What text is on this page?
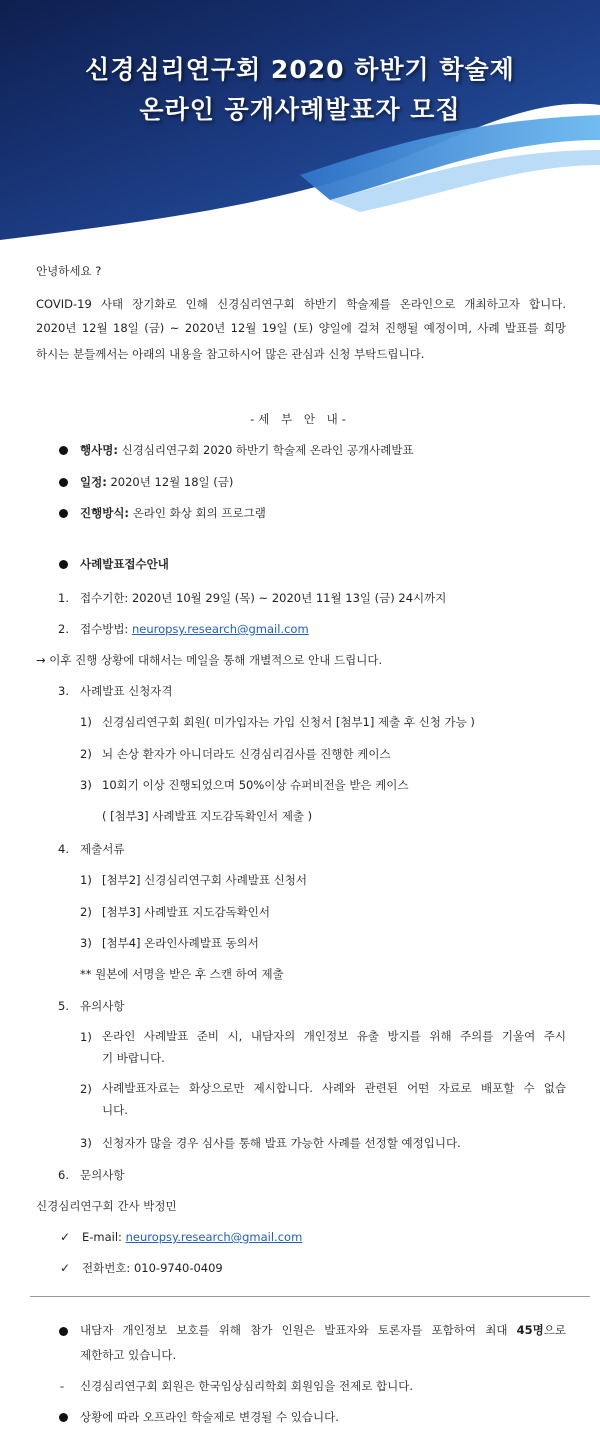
신경심리연구회 2020 하반기 학술제
온라인 공개사례발표자 모집
안녕하세요 ?
COVID-19 사태 장기화로 인해 신경심리연구회 하반기 학술제를 온라인으로 개최하고자 합니다.
2020년 12월 18일 (금) ~ 2020년 12월 19일 (토) 양일에 걸쳐 진행될 예정이며, 사례 발표를 희망
하시는 분들께서는 아래의 내용을 참고하시어 많은 관심과 신청 부탁드립니다.
-세 부 안 내-
행사명: 신경심리연구회 2020 하반기 학술제 온라인 공개사례발표
일정: 2020년 12월 18일 (금)
진행방식: 온라인 화상 회의 프로그램
사례발표접수안내
1. 접수기한: 2020년 10월 29일 (목) ~ 2020년 11월 13일 (금) 24시까지
2. 접수방법: neuropsy.research@gmail.com
→ 이후 진행 상황에 대해서는 메일을 통해 개별적으로 안내 드립니다.
3. 사례발표 신청자격
1) 신경심리연구회 회원( 미가입자는 가입 신청서 [첨부1] 제출 후 신청 가능 )
2) 뇌 손상 환자가 아니더라도 신경심리검사를 진행한 케이스
3) 10회기 이상 진행되었으며 50%이상 슈퍼비전을 받은 케이스
( [첨부3] 사례발표 지도감독확인서 제출 )
4. 제출서류
1) [첨부2] 신경심리연구회 사례발표 신청서
2) [첨부3] 사례발표 지도감독확인서
3) [첨부4] 온라인사례발표 동의서
** 원본에 서명을 받은 후 스캔 하여 제출
5. 유의사항
1) 온라인 사례발표 준비 시, 내담자의 개인정보 유출 방지를 위해 주의를 기울여 주시
기 바랍니다.
2) 사례발표자료는 화상으로만 제시합니다. 사례와 관련된 어떤 자료로 배포할 수 없습
니다.
3) 신청자가 많을 경우 심사를 통해 발표 가능한 사례를 선정할 예정입니다.
6. 문의사항
신경심리연구회 간사 박정민
✓ E-mail: neuropsy.research@gmail.com
✓ 전화번호: 010-9740-0409
내담자 개인정보 보호를 위해 참가 인원은 발표자와 토론자를 포함하여 최대 45명으로
제한하고 있습니다.
- 신경심리연구회 회원은 한국임상심리학회 회원임을 전제로 합니다.
상황에 따라 오프라인 학술제로 변경될 수 있습니다.
